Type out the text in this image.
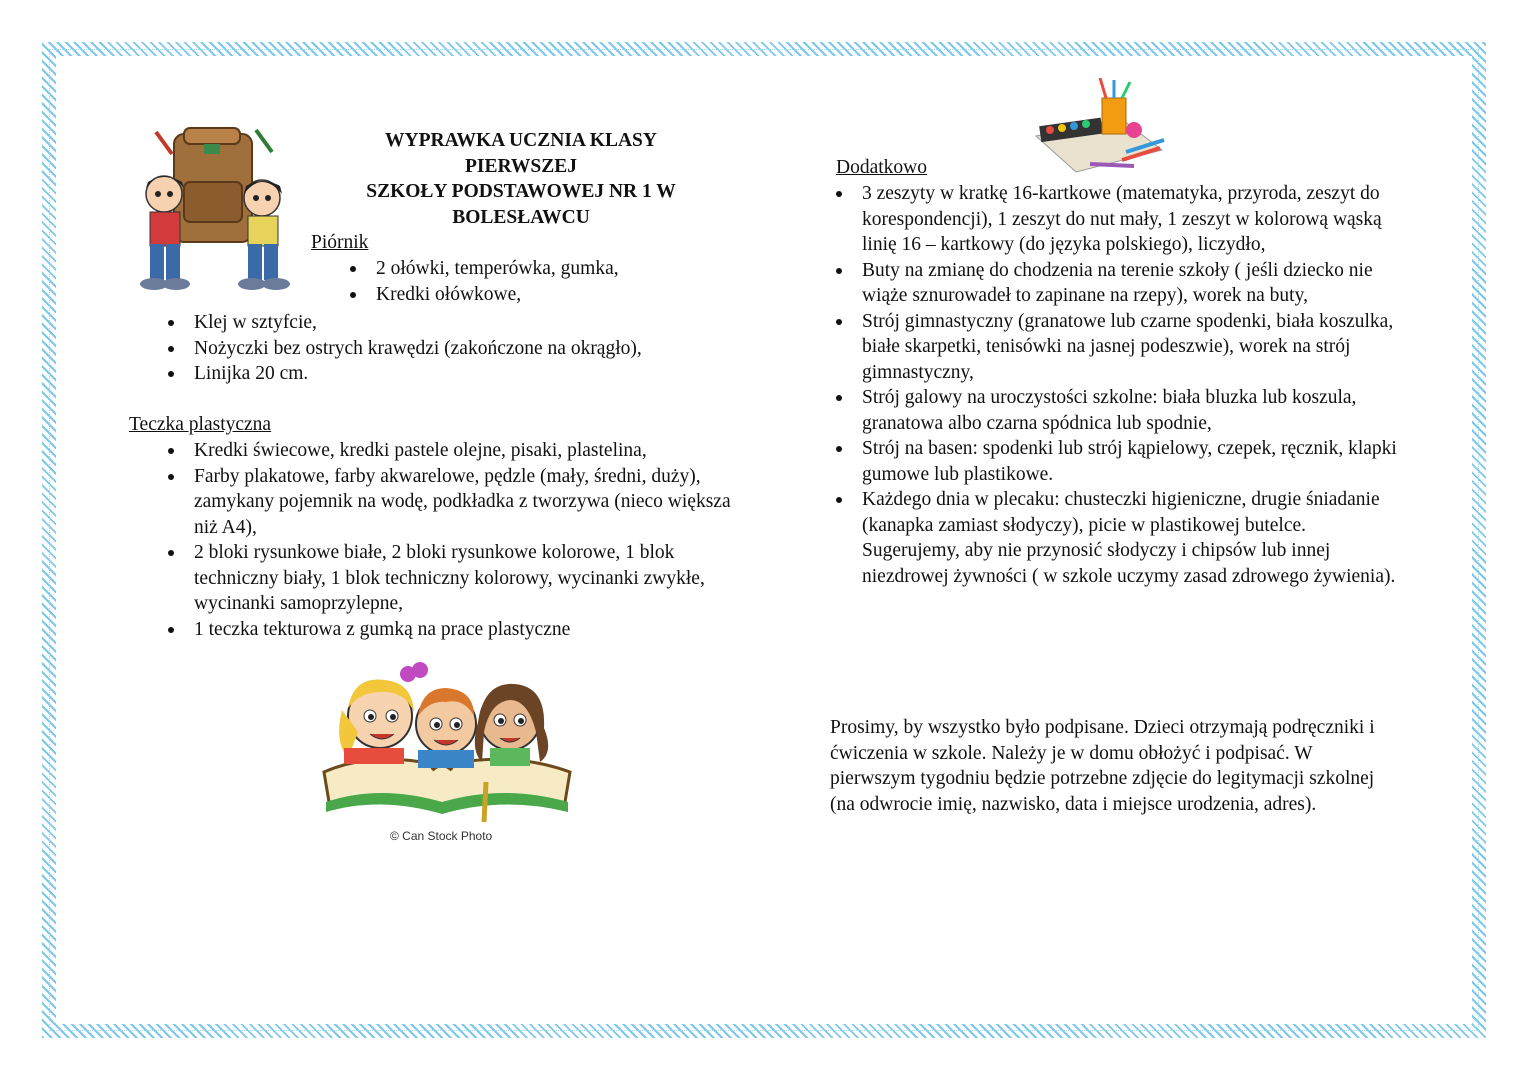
© Can Stock Photo
WYPRAWKA UCZNIA KLASY
PIERWSZEJ
SZKOŁY PODSTAWOWEJ NR 1 W
BOLESŁAWCU
Piórnik
2 ołówki, temperówka, gumka,
Kredki ołówkowe,
Klej w sztyfcie,
Nożyczki bez ostrych krawędzi (zakończone na okrągło),
Linijka 20 cm.
Teczka plastyczna
Kredki świecowe, kredki pastele olejne, pisaki, plastelina,
Farby plakatowe, farby akwarelowe, pędzle (mały, średni, duży), zamykany pojemnik na wodę, podkładka z tworzywa (nieco większa niż A4),
2 bloki rysunkowe białe, 2 bloki rysunkowe kolorowe, 1 blok techniczny biały, 1 blok techniczny kolorowy, wycinanki zwykłe, wycinanki samoprzylepne,
1 teczka tekturowa z gumką na prace plastyczne
Dodatkowo
3 zeszyty w kratkę 16-kartkowe (matematyka, przyroda, zeszyt do korespondencji), 1 zeszyt do nut mały, 1 zeszyt w kolorową wąską linię 16 – kartkowy (do języka polskiego), liczydło,
Buty na zmianę do chodzenia na terenie szkoły ( jeśli dziecko nie wiąże sznurowadeł to zapinane na rzepy), worek na buty,
Strój gimnastyczny (granatowe lub czarne spodenki, biała koszulka, białe skarpetki, tenisówki na jasnej podeszwie), worek na strój gimnastyczny,
Strój galowy na uroczystości szkolne: biała bluzka lub koszula, granatowa albo czarna spódnica lub spodnie,
Strój na basen: spodenki lub strój kąpielowy, czepek, ręcznik, klapki gumowe lub plastikowe.
Każdego dnia w plecaku: chusteczki higieniczne, drugie śniadanie (kanapka zamiast słodyczy), picie w plastikowej butelce. Sugerujemy, aby nie przynosić słodyczy i chipsów lub innej niezdrowej żywności ( w szkole uczymy zasad zdrowego żywienia).
Prosimy, by wszystko było podpisane. Dzieci otrzymają podręczniki i ćwiczenia w szkole. Należy je w domu obłożyć i podpisać. W pierwszym tygodniu będzie potrzebne zdjęcie do legitymacji szkolnej (na odwrocie imię, nazwisko, data i miejsce urodzenia, adres).
